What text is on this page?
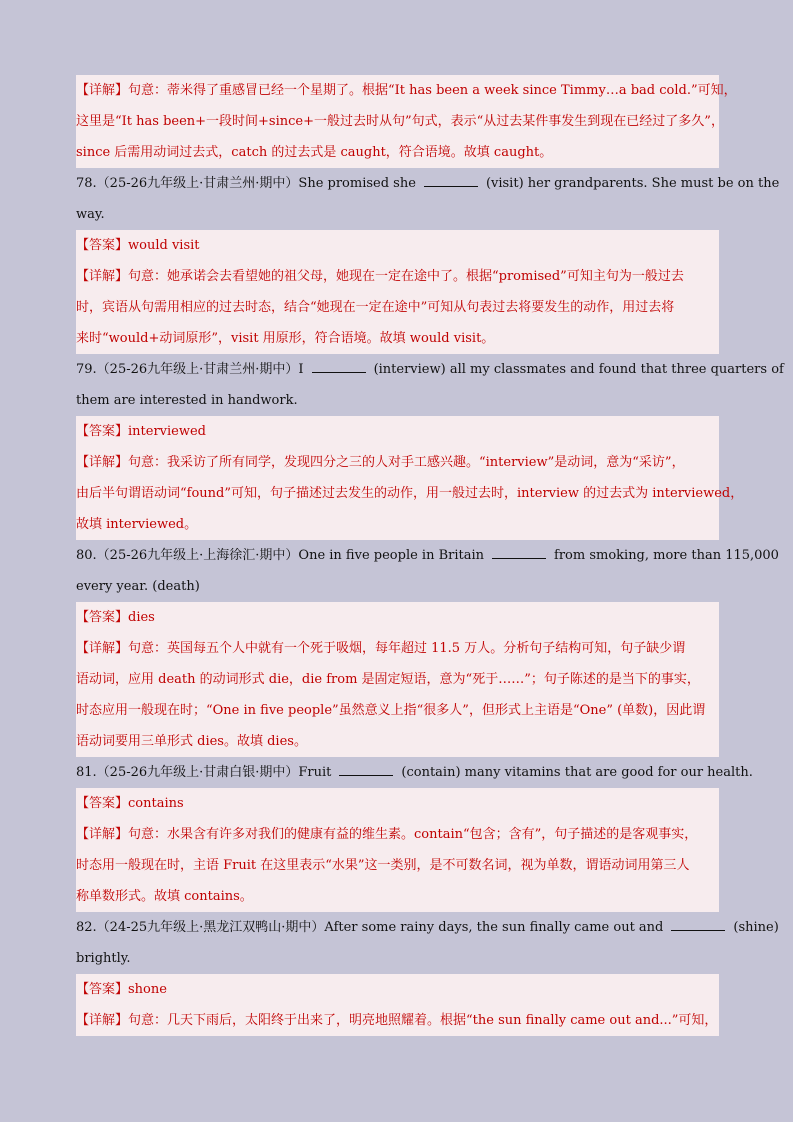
【详解】句意：蒂米得了重感冒已经一个星期了。根据“It has been a week since Timmy…a bad cold.”可知，
这里是“It has been+一段时间+since+一般过去时从句”句式，表示“从过去某件事发生到现在已经过了多久”，
since 后需用动词过去式，catch 的过去式是 caught，符合语境。故填 caught。
78.（25-26九年级上·甘肃兰州·期中）She promised she	(visit) her grandparents. She must be on the
way.
【答案】would visit
【详解】句意：她承诺会去看望她的祖父母，她现在一定在途中了。根据“promised”可知主句为一般过去
时，宾语从句需用相应的过去时态，结合“她现在一定在途中”可知从句表过去将要发生的动作，用过去将
来时“would+动词原形”，visit 用原形，符合语境。故填 would visit。
79.（25-26九年级上·甘肃兰州·期中）I	(interview) all my classmates and found that three quarters of
them are interested in handwork.
【答案】interviewed
【详解】句意：我采访了所有同学，发现四分之三的人对手工感兴趣。“interview”是动词，意为“采访”，
由后半句谓语动词“found”可知，句子描述过去发生的动作，用一般过去时，interview 的过去式为 interviewed，
故填 interviewed。
80.（25-26九年级上·上海徐汇·期中）One in five people in Britain	from smoking, more than 115,000
every year. (death)
【答案】dies
【详解】句意：英国每五个人中就有一个死于吸烟，每年超过 11.5 万人。分析句子结构可知，句子缺少谓
语动词，应用 death 的动词形式 die，die from 是固定短语，意为“死于……”；句子陈述的是当下的事实，
时态应用一般现在时；“One in five people”虽然意义上指“很多人”，但形式上主语是“One” (单数)，因此谓
语动词要用三单形式 dies。故填 dies。
81.（25-26九年级上·甘肃白银·期中）Fruit	(contain) many vitamins that are good for our health.
【答案】contains
【详解】句意：水果含有许多对我们的健康有益的维生素。contain“包含；含有”，句子描述的是客观事实，
时态用一般现在时，主语 Fruit 在这里表示“水果”这一类别，是不可数名词，视为单数，谓语动词用第三人
称单数形式。故填 contains。
82.（24-25九年级上·黑龙江双鸭山·期中）After some rainy days, the sun finally came out and	(shine)
brightly.
【答案】shone
【详解】句意：几天下雨后，太阳终于出来了，明亮地照耀着。根据“the sun finally came out and...”可知，
